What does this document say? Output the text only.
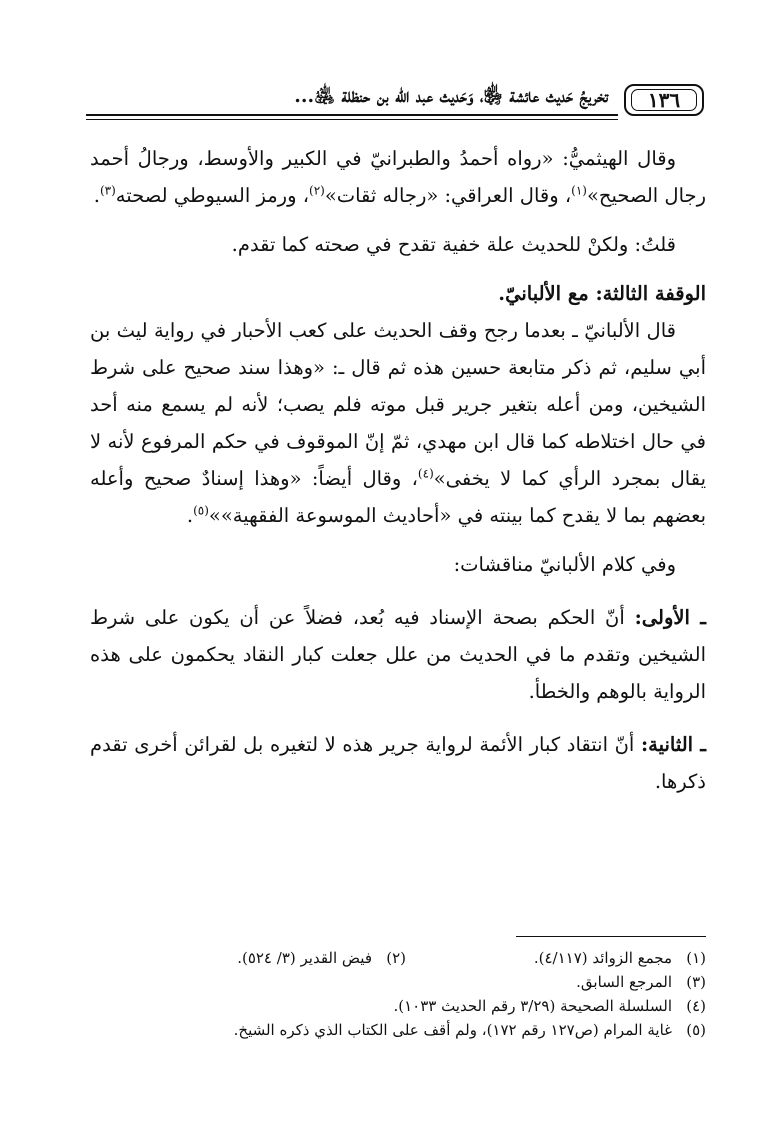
١٣٦
تخريجُ حَديث عائشة ﵂، وَحَديث عبد الله بن حنظلة ﵁...

وقال الهيثميُّ: «رواه أحمدُ والطبرانيّ في الكبير والأوسط، ورجالُ أحمد رجال الصحيح»$^{(١)}$، وقال العراقي: «رجاله ثقات»$^{(٢)}$، ورمز السيوطي لصحته$^{(٣)}$.

قلتُ: ولكنْ للحديث علة خفية تقدح في صحته كما تقدم.

الوقفة الثالثة: مع الألبانيّ.

قال الألبانيّ ـ بعدما رجح وقف الحديث على كعب الأحبار في رواية ليث بن أبي سليم، ثم ذكر متابعة حسين هذه ثم قال ـ: «وهذا سند صحيح على شرط الشيخين، ومن أعله بتغير جرير قبل موته فلم يصب؛ لأنه لم يسمع منه أحد في حال اختلاطه كما قال ابن مهدي، ثمّ إنّ الموقوف في حكم المرفوع لأنه لا يقال بمجرد الرأي كما لا يخفى»$^{(٤)}$، وقال أيضاً: «وهذا إسنادٌ صحيح وأعله بعضهم بما لا يقدح كما بينته في «أحاديث الموسوعة الفقهية»»$^{(٥)}$.

وفي كلام الألبانيّ مناقشات:

ـ الأولى: أنّ الحكم بصحة الإسناد فيه بُعد، فضلاً عن أن يكون على شرط الشيخين وتقدم ما في الحديث من علل جعلت كبار النقاد يحكمون على هذه الرواية بالوهم والخطأ.

ـ الثانية: أنّ انتقاد كبار الأئمة لرواية جرير هذه لا لتغيره بل لقرائن أخرى تقدم ذكرها.

(١)
مجمع الزوائد (٤/١١٧).
(٢)
فيض القدير (٣/ ٥٢٤).
(٣)
المرجع السابق.
(٤)
السلسلة الصحيحة (٣/٢٩ رقم الحديث ١٠٣٣).
(٥)
غاية المرام (ص١٢٧ رقم ١٧٢)، ولم أقف على الكتاب الذي ذكره الشيخ.
